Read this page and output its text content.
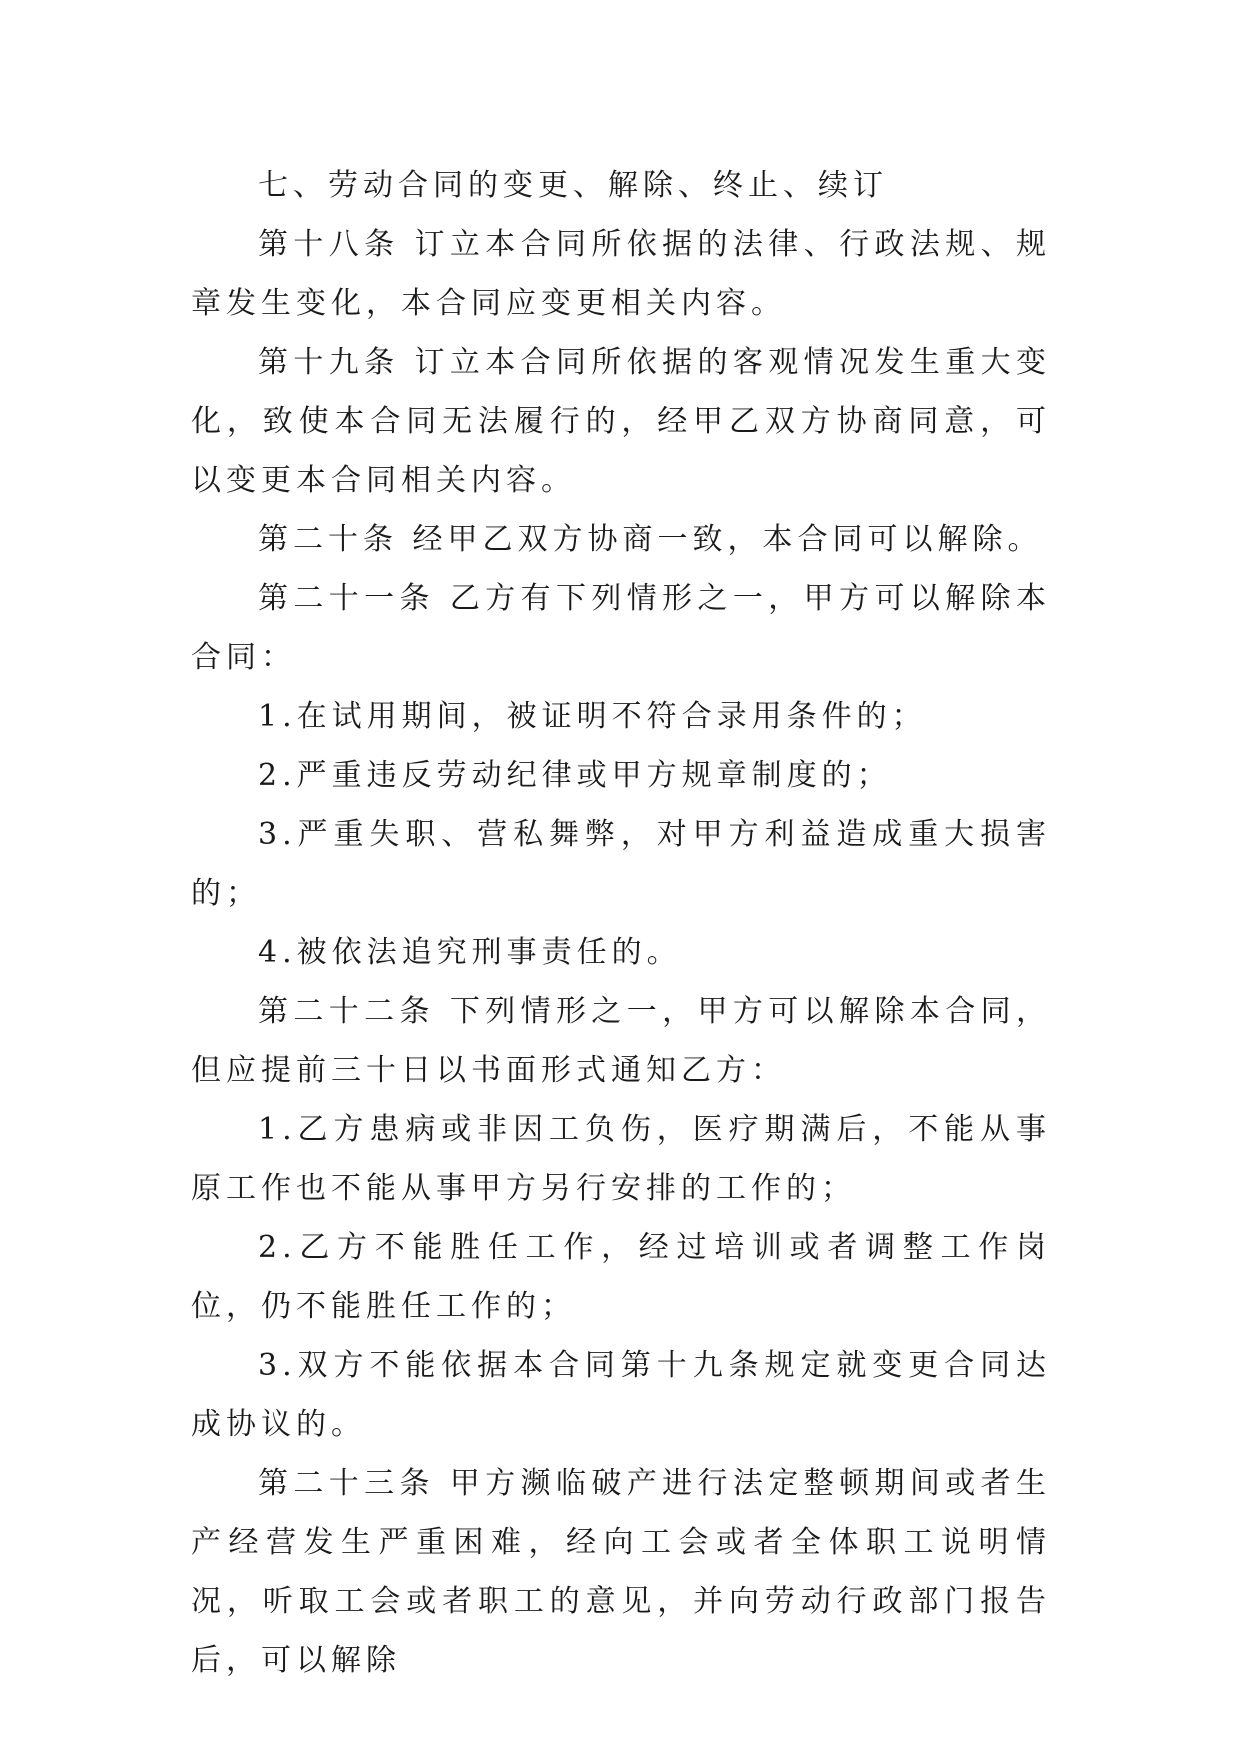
七、劳动合同的变更、解除、终止、续订

第十八条 订立本合同所依据的法律、行政法规、规章发生变化，本合同应变更相关内容。

第十九条 订立本合同所依据的客观情况发生重大变化，致使本合同无法履行的，经甲乙双方协商同意，可以变更本合同相关内容。

第二十条 经甲乙双方协商一致，本合同可以解除。

第二十一条 乙方有下列情形之一，甲方可以解除本合同：

1.在试用期间，被证明不符合录用条件的；

2.严重违反劳动纪律或甲方规章制度的；

3.严重失职、营私舞弊，对甲方利益造成重大损害的；

4.被依法追究刑事责任的。

第二十二条 下列情形之一，甲方可以解除本合同，但应提前三十日以书面形式通知乙方：

1.乙方患病或非因工负伤，医疗期满后，不能从事原工作也不能从事甲方另行安排的工作的；

2.乙方不能胜任工作，经过培训或者调整工作岗位，仍不能胜任工作的；

3.双方不能依据本合同第十九条规定就变更合同达成协议的。

第二十三条 甲方濒临破产进行法定整顿期间或者生产经营发生严重困难，经向工会或者全体职工说明情况，听取工会或者职工的意见，并向劳动行政部门报告后，可以解除
